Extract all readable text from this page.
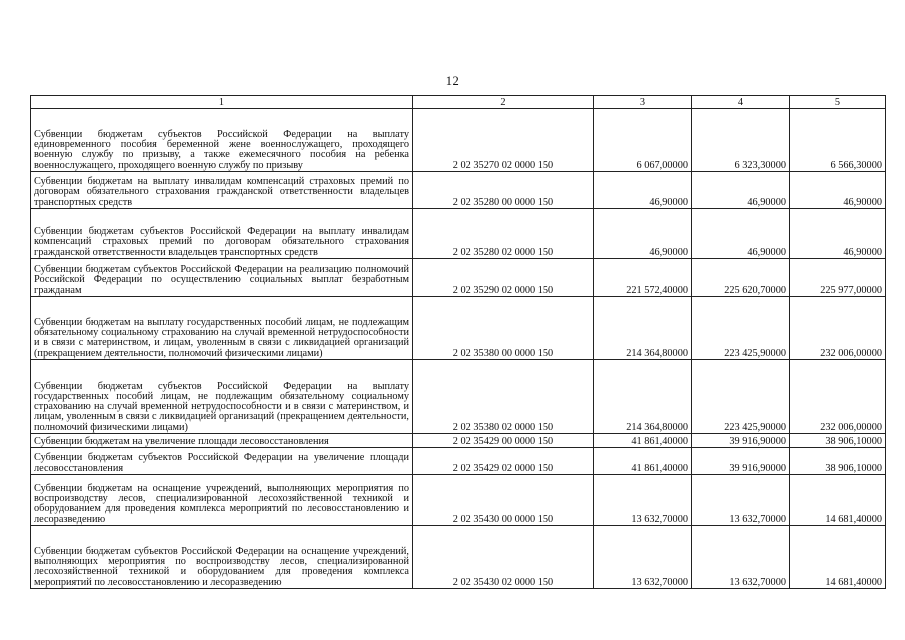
12
1	2	3	4	5
Субвенции бюджетам субъектов Российской Федерации на выплату единовременного пособия беременной жене военнослужащего, проходящего военную службу по призыву, а также ежемесячного пособия на ребенка военнослужащего, проходящего военную службу по призыву	2 02 35270 02 0000 150	6 067,00000	6 323,30000	6 566,30000
Субвенции бюджетам на выплату инвалидам компенсаций страховых премий по договорам обязательного страхования гражданской ответственности владельцев транспортных средств	2 02 35280 00 0000 150	46,90000	46,90000	46,90000
Субвенции бюджетам субъектов Российской Федерации на выплату инвалидам компенсаций страховых премий по договорам обязательного страхования гражданской ответственности владельцев транспортных средств	2 02 35280 02 0000 150	46,90000	46,90000	46,90000
Субвенции бюджетам субъектов Российской Федерации на реализацию полномочий Российской Федерации по осуществлению социальных выплат безработным гражданам	2 02 35290 02 0000 150	221 572,40000	225 620,70000	225 977,00000
Субвенции бюджетам на выплату государственных пособий лицам, не подлежащим обязательному социальному страхованию на случай временной нетрудоспособности и в связи с материнством, и лицам, уволенным в связи с ликвидацией организаций (прекращением деятельности, полномочий физическими лицами)	2 02 35380 00 0000 150	214 364,80000	223 425,90000	232 006,00000
Субвенции бюджетам субъектов Российской Федерации на выплату государственных пособий лицам, не подлежащим обязательному социальному страхованию на случай временной нетрудоспособности и в связи с материнством, и лицам, уволенным в связи с ликвидацией организаций (прекращением деятельности, полномочий физическими лицами)	2 02 35380 02 0000 150	214 364,80000	223 425,90000	232 006,00000
Субвенции бюджетам на увеличение площади лесовосстановления	2 02 35429 00 0000 150	41 861,40000	39 916,90000	38 906,10000
Субвенции бюджетам субъектов Российской Федерации на увеличение площади лесовосстановления	2 02 35429 02 0000 150	41 861,40000	39 916,90000	38 906,10000
Субвенции бюджетам на оснащение учреждений, выполняющих мероприятия по воспроизводству лесов, специализированной лесохозяйственной техникой и оборудованием для проведения комплекса мероприятий по лесовосстановлению и лесоразведению	2 02 35430 00 0000 150	13 632,70000	13 632,70000	14 681,40000
Субвенции бюджетам субъектов Российской Федерации на оснащение учреждений, выполняющих мероприятия по воспроизводству лесов, специализированной лесохозяйственной техникой и оборудованием для проведения комплекса мероприятий по лесовосстановлению и лесоразведению	2 02 35430 02 0000 150	13 632,70000	13 632,70000	14 681,40000
